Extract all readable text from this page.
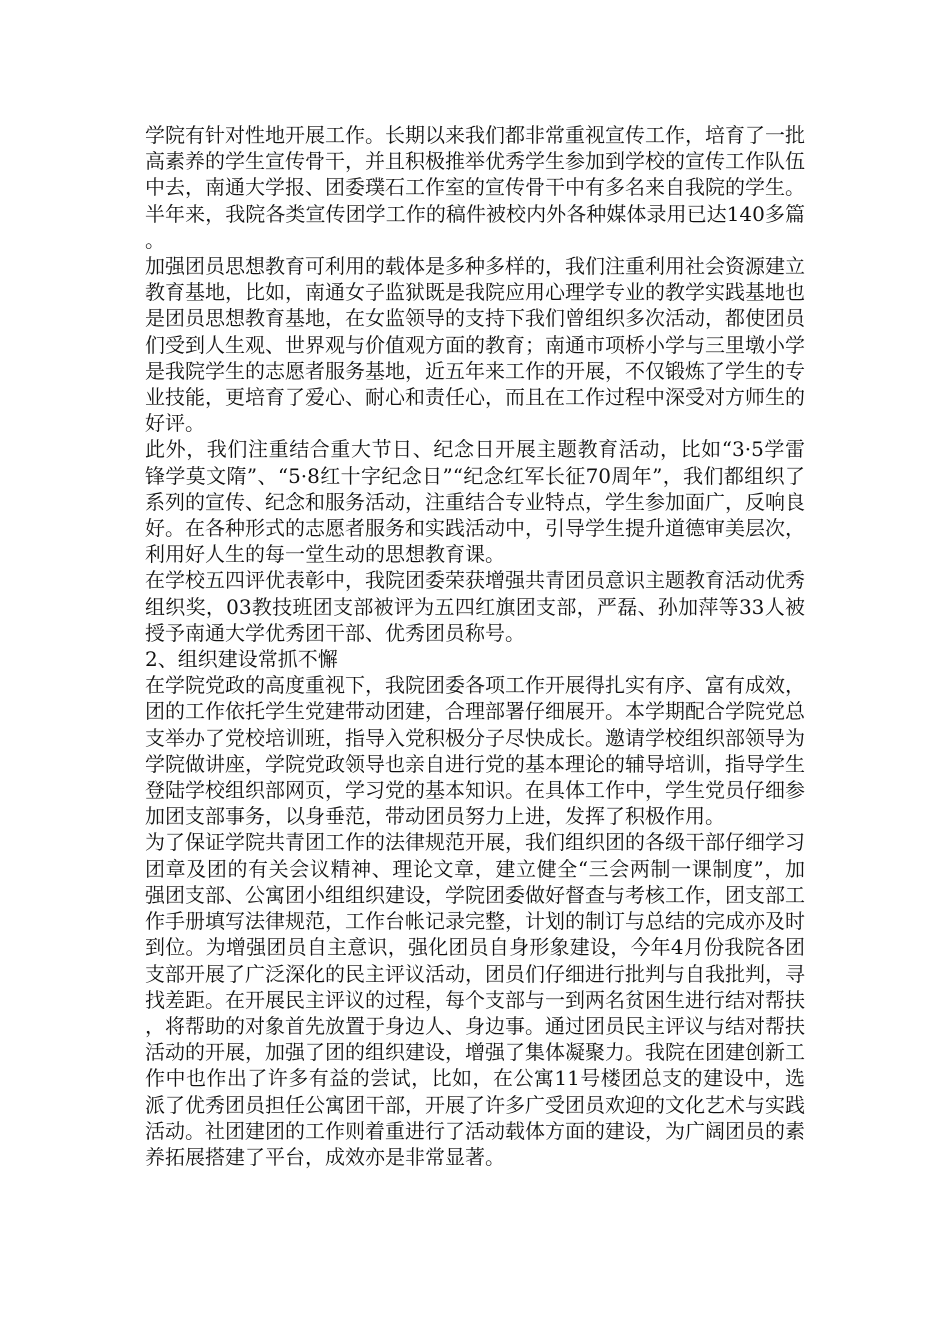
学院有针对性地开展工作。长期以来我们都非常重视宣传工作，培育了一批高素养的学生宣传骨干，并且积极推举优秀学生参加到学校的宣传工作队伍中去，南通大学报、团委璞石工作室的宣传骨干中有多名来自我院的学生。半年来，我院各类宣传团学工作的稿件被校内外各种媒体录用已达140多篇。

加强团员思想教育可利用的载体是多种多样的，我们注重利用社会资源建立教育基地，比如，南通女子监狱既是我院应用心理学专业的教学实践基地也是团员思想教育基地，在女监领导的支持下我们曾组织多次活动，都使团员们受到人生观、世界观与价值观方面的教育；南通市项桥小学与三里墩小学是我院学生的志愿者服务基地，近五年来工作的开展，不仅锻炼了学生的专业技能，更培育了爱心、耐心和责任心，而且在工作过程中深受对方师生的好评。

此外，我们注重结合重大节日、纪念日开展主题教育活动，比如“3·5学雷锋学莫文隋”、“5·8红十字纪念日”“纪念红军长征70周年”，我们都组织了系列的宣传、纪念和服务活动，注重结合专业特点，学生参加面广，反响良好。在各种形式的志愿者服务和实践活动中，引导学生提升道德审美层次，利用好人生的每一堂生动的思想教育课。

在学校五四评优表彰中，我院团委荣获增强共青团员意识主题教育活动优秀组织奖，03教技班团支部被评为五四红旗团支部，严磊、孙加萍等33人被授予南通大学优秀团干部、优秀团员称号。

2、组织建设常抓不懈

在学院党政的高度重视下，我院团委各项工作开展得扎实有序、富有成效，团的工作依托学生党建带动团建，合理部署仔细展开。本学期配合学院党总支举办了党校培训班，指导入党积极分子尽快成长。邀请学校组织部领导为学院做讲座，学院党政领导也亲自进行党的基本理论的辅导培训，指导学生登陆学校组织部网页，学习党的基本知识。在具体工作中，学生党员仔细参加团支部事务，以身垂范，带动团员努力上进，发挥了积极作用。

为了保证学院共青团工作的法律规范开展，我们组织团的各级干部仔细学习团章及团的有关会议精神、理论文章，建立健全“三会两制一课制度”，加强团支部、公寓团小组组织建设，学院团委做好督查与考核工作，团支部工作手册填写法律规范，工作台帐记录完整，计划的制订与总结的完成亦及时到位。为增强团员自主意识，强化团员自身形象建设，今年4月份我院各团支部开展了广泛深化的民主评议活动，团员们仔细进行批判与自我批判，寻找差距。在开展民主评议的过程，每个支部与一到两名贫困生进行结对帮扶，将帮助的对象首先放置于身边人、身边事。通过团员民主评议与结对帮扶活动的开展，加强了团的组织建设，增强了集体凝聚力。我院在团建创新工作中也作出了许多有益的尝试，比如，在公寓11号楼团总支的建设中，选派了优秀团员担任公寓团干部，开展了许多广受团员欢迎的文化艺术与实践活动。社团建团的工作则着重进行了活动载体方面的建设，为广阔团员的素养拓展搭建了平台，成效亦是非常显著。
